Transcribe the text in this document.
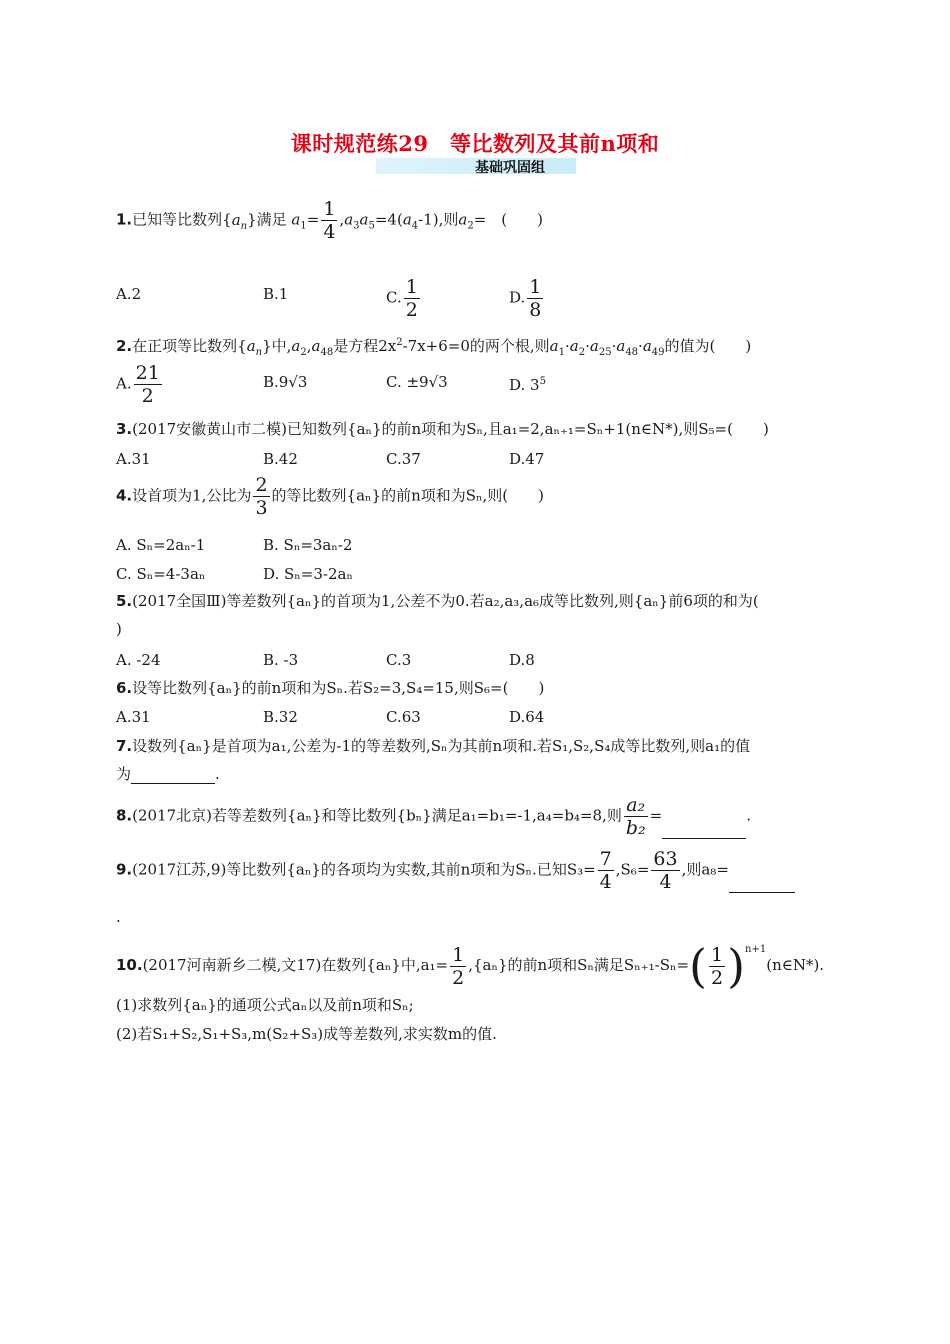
课时规范练29　等比数列及其前n项和
基础巩固组
1.已知等比数列$\{a_n\}$满足 $a_1= \frac{1}{4} ,a_3a_5=4(a_4-1)$,则$a_2=$　(　　)
A.2	B.1	C. $\frac{1}{2}$	D. $\frac{1}{8}$
2.在正项等比数列$\{a_n\}$中$,a_2,a_{48}$是方程$2x^2-7x+6=0$的两个根,则$a_1\cdot a_2\cdot a_{25}\cdot a_{48}\cdot a_{49}$的值为(　　)
A. $\frac{21}{2}$	B.9√3	C. ±9√3	D. $3^5$
3.(2017安徽黄山市二模)已知数列{aₙ}的前n项和为Sₙ,且a₁=2,aₙ₊₁=Sₙ+1(n∈N*),则S₅=(　　)
A.31	B.42	C.37	D.47
4.设首项为1,公比为 $\frac{2}{3}$ 的等比数列{aₙ}的前n项和为Sₙ,则(　　)
A. Sₙ=2aₙ-1	B. Sₙ=3aₙ-2
C. Sₙ=4-3aₙ	D. Sₙ=3-2aₙ
5.(2017全国Ⅲ)等差数列{aₙ}的首项为1,公差不为0.若a₂,a₃,a₆成等比数列,则{aₙ}前6项的和为(
)
A. -24	B. -3	C.3	D.8
6.设等比数列{aₙ}的前n项和为Sₙ.若S₂=3,S₄=15,则S₆=(　　)
A.31	B.32	C.63	D.64
7.设数列{aₙ}是首项为a₁,公差为-1的等差数列,Sₙ为其前n项和.若S₁,S₂,S₄成等比数列,则a₁的值
为	.
8.(2017北京)若等差数列{aₙ}和等比数列{bₙ}满足a₁=b₁=-1,a₄=b₄=8,则 $\frac{\text{a₂}}{\text{b₂}}$ =	.
9.(2017江苏,9)等比数列{aₙ}的各项均为实数,其前n项和为Sₙ.已知$S_3= \frac{7}{4} ,S_6= \frac{63}{4}$ ,则a₈=
.
10.(2017河南新乡二模,文17)在数列{aₙ}中$,a_1= \frac{1}{2} ,\{a_n\}$的前n项和Sₙ满足$S_{n+1}-S_n=( \frac{1}{2}$ )$^{n+1}(n\in N*)$.
(1)求数列{aₙ}的通项公式aₙ以及前n项和Sₙ;
(2)若S₁+S₂,S₁+S₃,m(S₂+S₃)成等差数列,求实数m的值.
